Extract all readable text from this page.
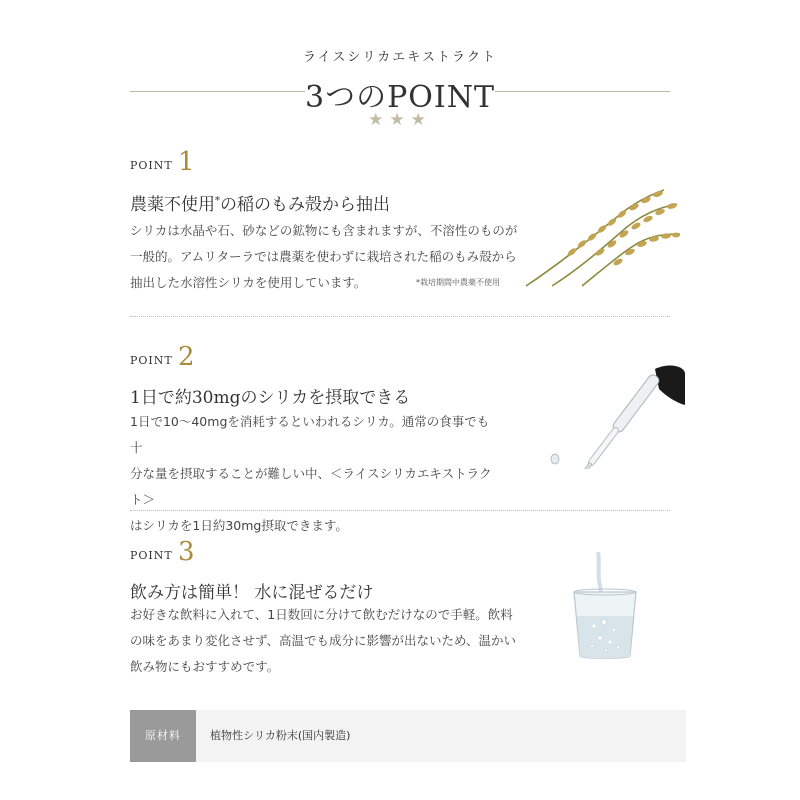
ライスシリカエキストラクト
3つのPOINT
★★★
POINT 1
農薬不使用*の稲のもみ殻から抽出
シリカは水晶や石、砂などの鉱物にも含まれますが、不溶性のものが
一般的。アムリターラでは農薬を使わずに栽培された稲のもみ殻から
抽出した水溶性シリカを使用しています。	*栽培期間中農薬不使用
POINT 2
1日で約30mgのシリカを摂取できる
1日で10〜40mgを消耗するといわれるシリカ。通常の食事でも十
分な量を摂取することが難しい中、＜ライスシリカエキストラクト＞
はシリカを1日約30mg摂取できます。
POINT 3
飲み方は簡単！ 水に混ぜるだけ
お好きな飲料に入れて、1日数回に分けて飲むだけなので手軽。飲料
の味をあまり変化させず、高温でも成分に影響が出ないため、温かい
飲み物にもおすすめです。
原材料	植物性シリカ粉末(国内製造)
